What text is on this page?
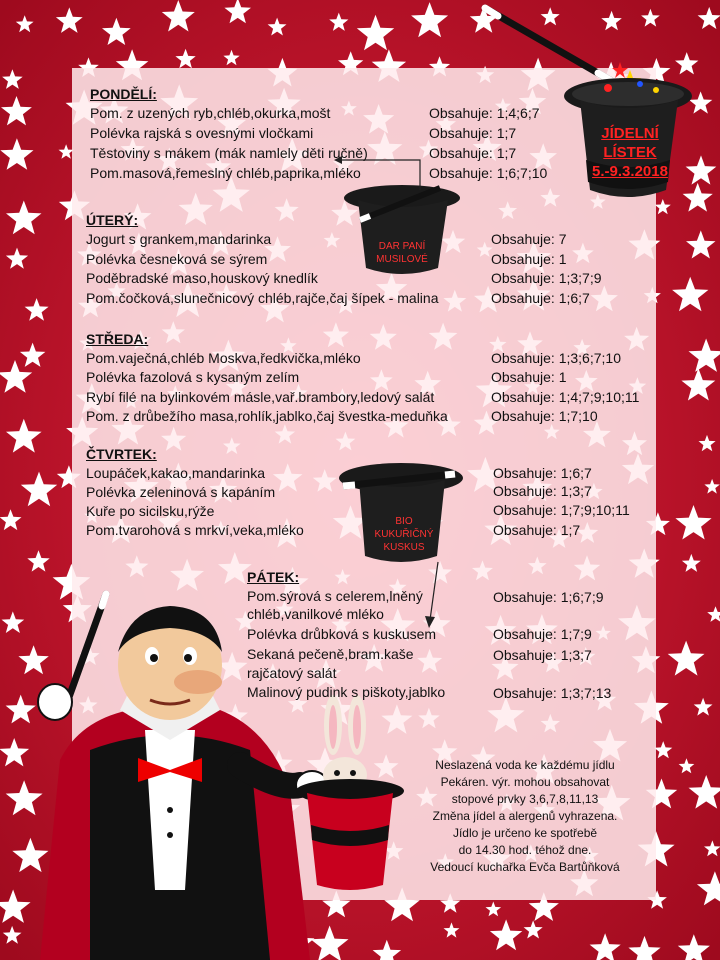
JÍDELNÍ
LÍSTEK
5.-9.3.2018
DAR PANÍ
MUSILOVÉ
BIO
KUKUŘIČNÝ
KUSKUS
PONDĚLÍ:
Pom. z uzených ryb,chléb,okurka,mošt
Polévka rajská s ovesnými vločkami
Těstoviny s mákem (mák namlely děti ručně)
Pom.masová,řemeslný chléb,paprika,mléko
Obsahuje: 1;4;6;7
Obsahuje: 1;7
Obsahuje: 1;7
Obsahuje: 1;6;7;10
ÚTERÝ:
Jogurt s grankem,mandarinka
Polévka česneková se sýrem
Poděbradské maso,houskový knedlík
Pom.čočková,slunečnicový chléb,rajče,čaj šípek - malina
Obsahuje: 7
Obsahuje: 1
Obsahuje: 1;3;7;9
Obsahuje: 1;6;7
STŘEDA:
Pom.vaječná,chléb Moskva,ředkvička,mléko
Polévka fazolová s kysaným zelím
Rybí filé na bylinkovém másle,vař.brambory,ledový salát
Pom. z drůbežího masa,rohlík,jablko,čaj švestka-meduňka
Obsahuje: 1;3;6;7;10
Obsahuje: 1
Obsahuje: 1;4;7;9;10;11
Obsahuje: 1;7;10
ČTVRTEK:
Loupáček,kakao,mandarinka
Polévka zeleninová s kapáním
Kuře po sicilsku,rýže
Pom.tvarohová s mrkví,veka,mléko
Obsahuje: 1;6;7
Obsahuje: 1;3;7
Obsahuje: 1;7;9;10;11
Obsahuje: 1;7
PÁTEK:
Pom.sýrová s celerem,lněný
chléb,vanilkové mléko
Polévka drůbková s kuskusem
Sekaná pečeně,bram.kaše
rajčatový salát
Malinový pudink s piškoty,jablko
Obsahuje: 1;6;7;9
Obsahuje: 1;7;9
Obsahuje: 1;3;7
Obsahuje: 1;3;7;13
Neslazená voda ke každému jídlu
Pekáren. výr. mohou obsahovat
stopové prvky 3,6,7,8,11,13
Změna jídel a alergenů vyhrazena.
Jídlo je určeno ke spotřebě
do 14.30 hod. téhož dne.
Vedoucí kuchařka Evča Bartůňková
